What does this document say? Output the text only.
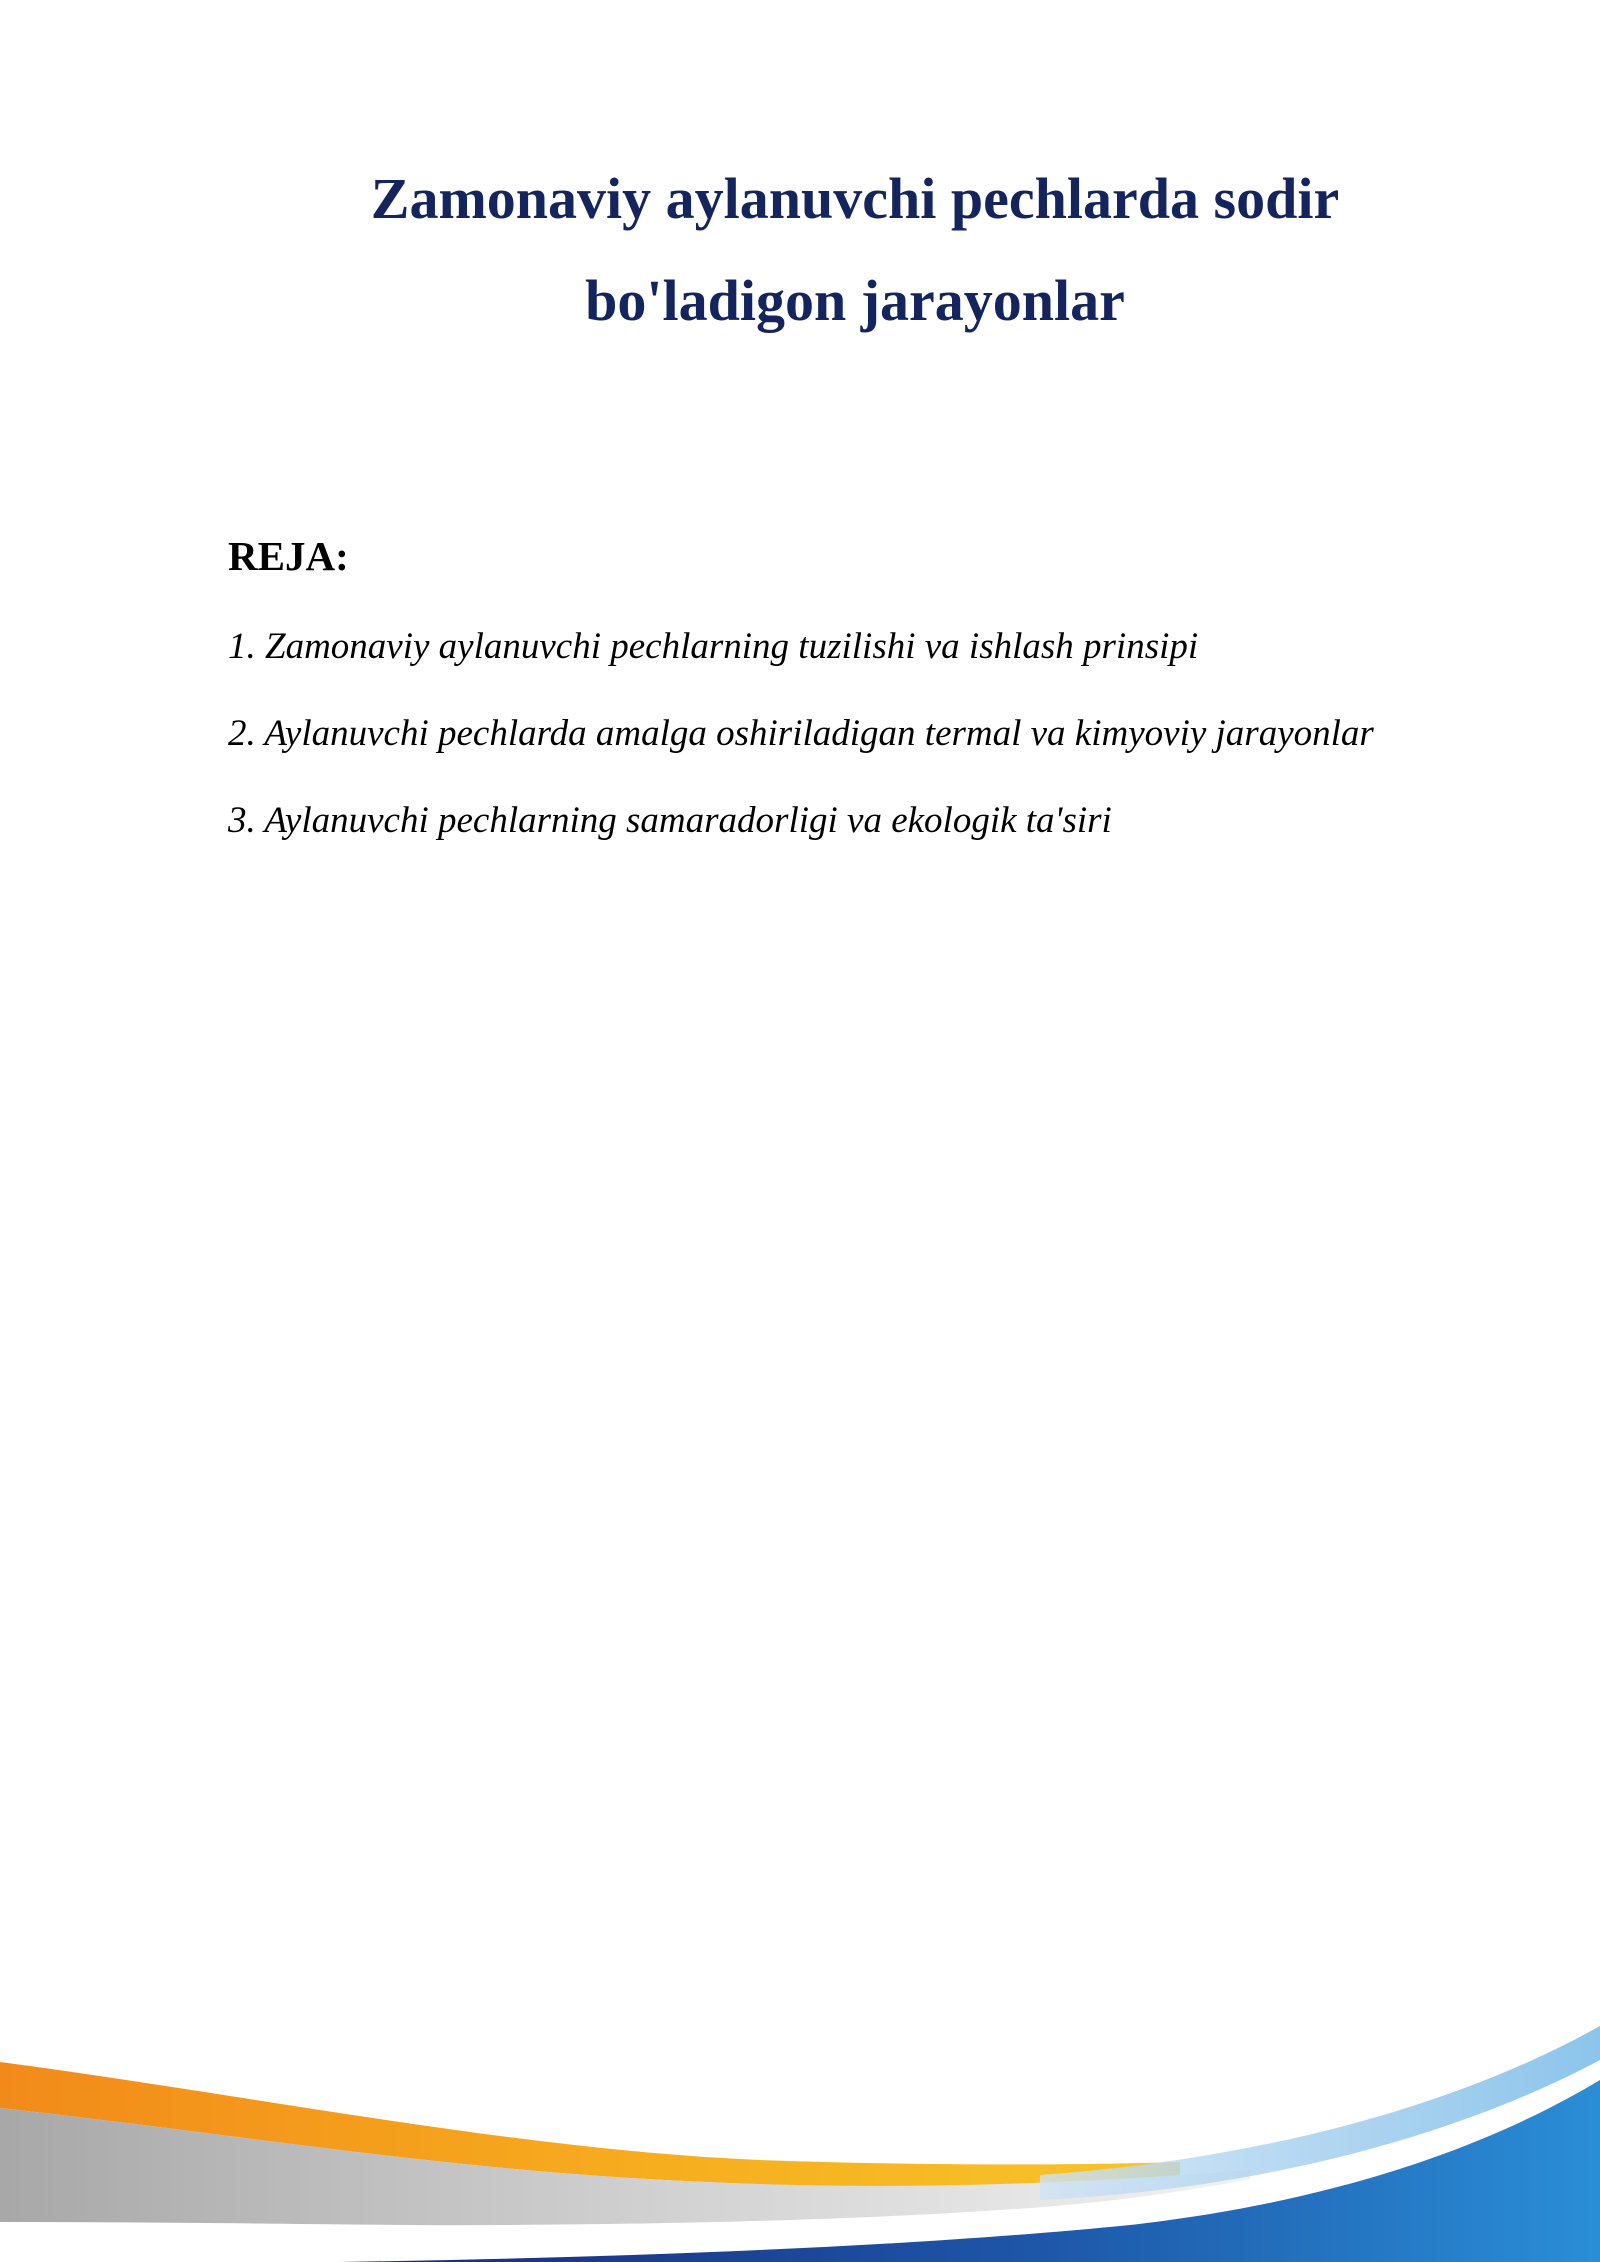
Zamonaviy aylanuvchi pechlarda sodir
bo'ladigon jarayonlar
REJA:
1. Zamonaviy aylanuvchi pechlarning tuzilishi va ishlash prinsipi
2. Aylanuvchi pechlarda amalga oshiriladigan termal va kimyoviy jarayonlar
3. Aylanuvchi pechlarning samaradorligi va ekologik ta'siri
